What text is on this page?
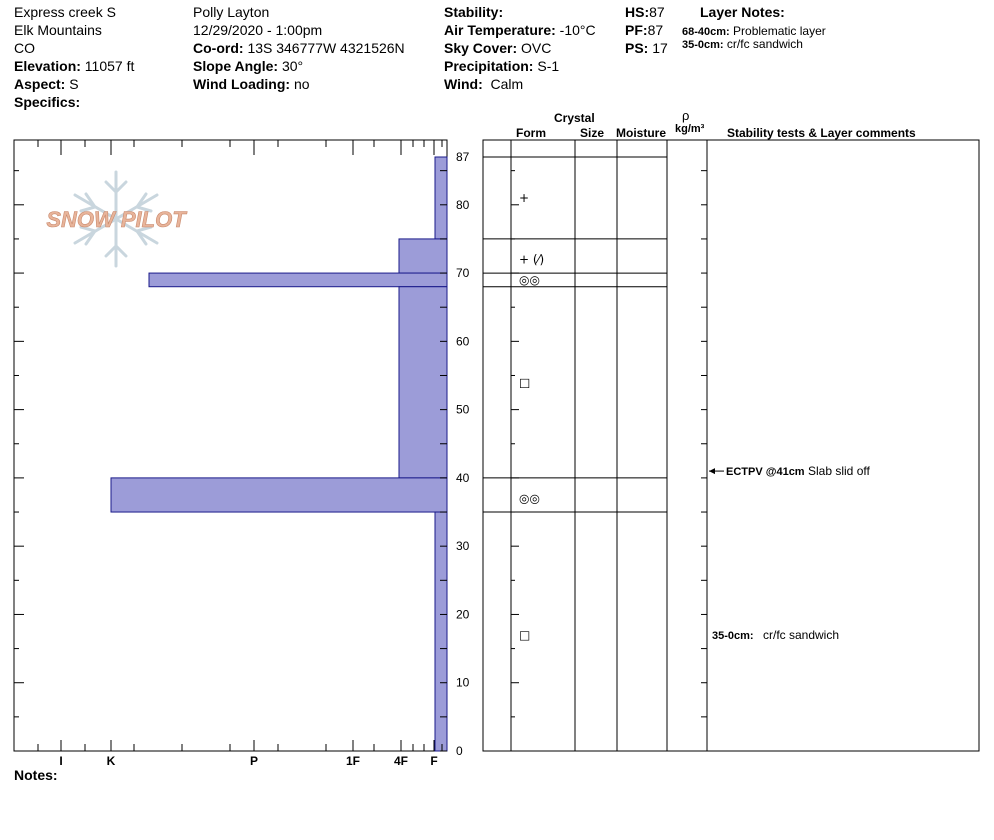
Express creek S
Elk Mountains
CO
Elevation: 11057 ft
Aspect: S
Specifics:
Polly Layton
12/29/2020 - 1:00pm
Co-ord: 13S 346777W 4321526N
Slope Angle: 30°
Wind Loading: no
Stability:
Air Temperature: -10°C
Sky Cover: OVC
Precipitation: S-1
Wind: Calm
HS:87
PF:87
PS: 17
Layer Notes:
68-40cm: Problematic layer
35-0cm: cr/fc sandwich
Crystal
Form	Size Moisture
ρ
kg/m³ Stability tests & Layer comments
SNOW PILOT
0
10
20
30
40
50
60
70
80
87
I	K	P	1F	4F F
+
+ (⁄)
◎◎
□
◎◎
□
ECTPV @41cm Slab slid off
35-0cm: cr/fc sandwich
Notes:
